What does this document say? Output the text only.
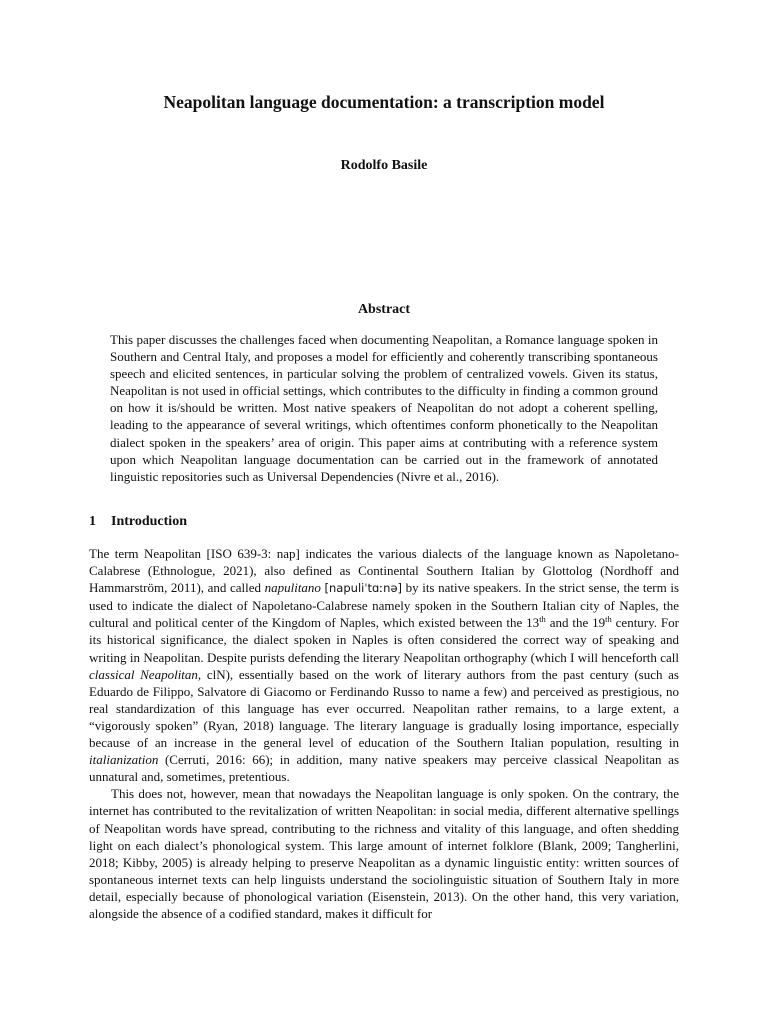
Neapolitan language documentation: a transcription model
Rodolfo Basile
Abstract

This paper discusses the challenges faced when documenting Neapolitan, a Romance language spoken in Southern and Central Italy, and proposes a model for efficiently and coherently transcribing spontaneous speech and elicited sentences, in particular solving the problem of centralized vowels. Given its status, Neapolitan is not used in official settings, which contributes to the difficulty in finding a common ground on how it is/should be written. Most native speakers of Neapolitan do not adopt a coherent spelling, leading to the appearance of several writings, which oftentimes conform phonetically to the Neapolitan dialect spoken in the speakers’ area of origin. This paper aims at contributing with a reference system upon which Neapolitan language documentation can be carried out in the framework of annotated linguistic repositories such as Universal Dependencies (Nivre et al., 2016).

1 Introduction

The term Neapolitan [ISO 639-3: nap] indicates the various dialects of the language known as Napoletano-Calabrese (Ethnologue, 2021), also defined as Continental Southern Italian by Glottolog (Nordhoff and Hammarström, 2011), and called napulitano [napuliˈtɑːnə] by its native speakers. In the strict sense, the term is used to indicate the dialect of Napoletano-Calabrese namely spoken in the Southern Italian city of Naples, the cultural and political center of the Kingdom of Naples, which existed between the 13th and the 19th century. For its historical significance, the dialect spoken in Naples is often considered the correct way of speaking and writing in Neapolitan. Despite purists defending the literary Neapolitan orthography (which I will henceforth call classical Neapolitan, clN), essentially based on the work of literary authors from the past century (such as Eduardo de Filippo, Salvatore di Giacomo or Ferdinando Russo to name a few) and perceived as prestigious, no real standardization of this language has ever occurred. Neapolitan rather remains, to a large extent, a “vigorously spoken” (Ryan, 2018) language. The literary language is gradually losing importance, especially because of an increase in the general level of education of the Southern Italian population, resulting in italianization (Cerruti, 2016: 66); in addition, many native speakers may perceive classical Neapolitan as unnatural and, sometimes, pretentious.

This does not, however, mean that nowadays the Neapolitan language is only spoken. On the contrary, the internet has contributed to the revitalization of written Neapolitan: in social media, different alternative spellings of Neapolitan words have spread, contributing to the richness and vitality of this language, and often shedding light on each dialect’s phonological system. This large amount of internet folklore (Blank, 2009; Tangherlini, 2018; Kibby, 2005) is already helping to preserve Neapolitan as a dynamic linguistic entity: written sources of spontaneous internet texts can help linguists understand the sociolinguistic situation of Southern Italy in more detail, especially because of phonological variation (Eisenstein, 2013). On the other hand, this very variation, alongside the absence of a codified standard, makes it difficult for
